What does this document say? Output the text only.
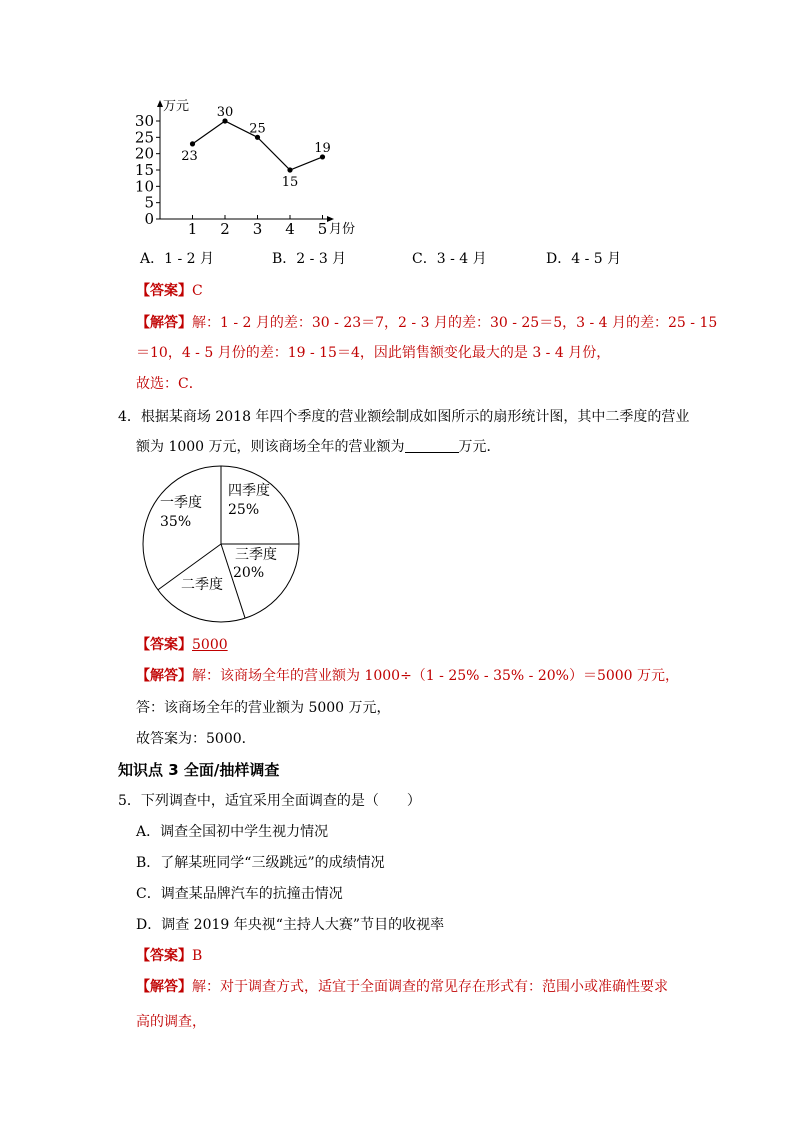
万元
月份
0
5
10
15
20
25
30
1 2 3 4 5
23
30
25
15
19
A．1 - 2 月	B．2 - 3 月	C．3 - 4 月	D．4 - 5 月
【答案】C
【解答】解：1 - 2 月的差：30 - 23＝7，2 - 3 月的差：30 - 25＝5，3 - 4 月的差：25 - 15
＝10，4 - 5 月份的差：19 - 15＝4，因此销售额变化最大的是 3 - 4 月份，
故选：C．
4．根据某商场 2018 年四个季度的营业额绘制成如图所示的扇形统计图，其中二季度的营业
额为 1000 万元，则该商场全年的营业额为	万元．
一季度
35%
四季度
25%
三季度
20%
二季度
【答案】5000
【解答】解：该商场全年的营业额为 1000÷（1 - 25% - 35% - 20%）＝5000 万元，
答：该商场全年的营业额为 5000 万元，
故答案为：5000．
知识点 3 全面/抽样调查
5．下列调查中，适宜采用全面调查的是（　　）
A．调查全国初中学生视力情况
B．了解某班同学“三级跳远”的成绩情况
C．调查某品牌汽车的抗撞击情况
D．调查 2019 年央视“主持人大赛”节目的收视率
【答案】B
【解答】解：对于调查方式，适宜于全面调查的常见存在形式有：范围小或准确性要求
高的调查，
